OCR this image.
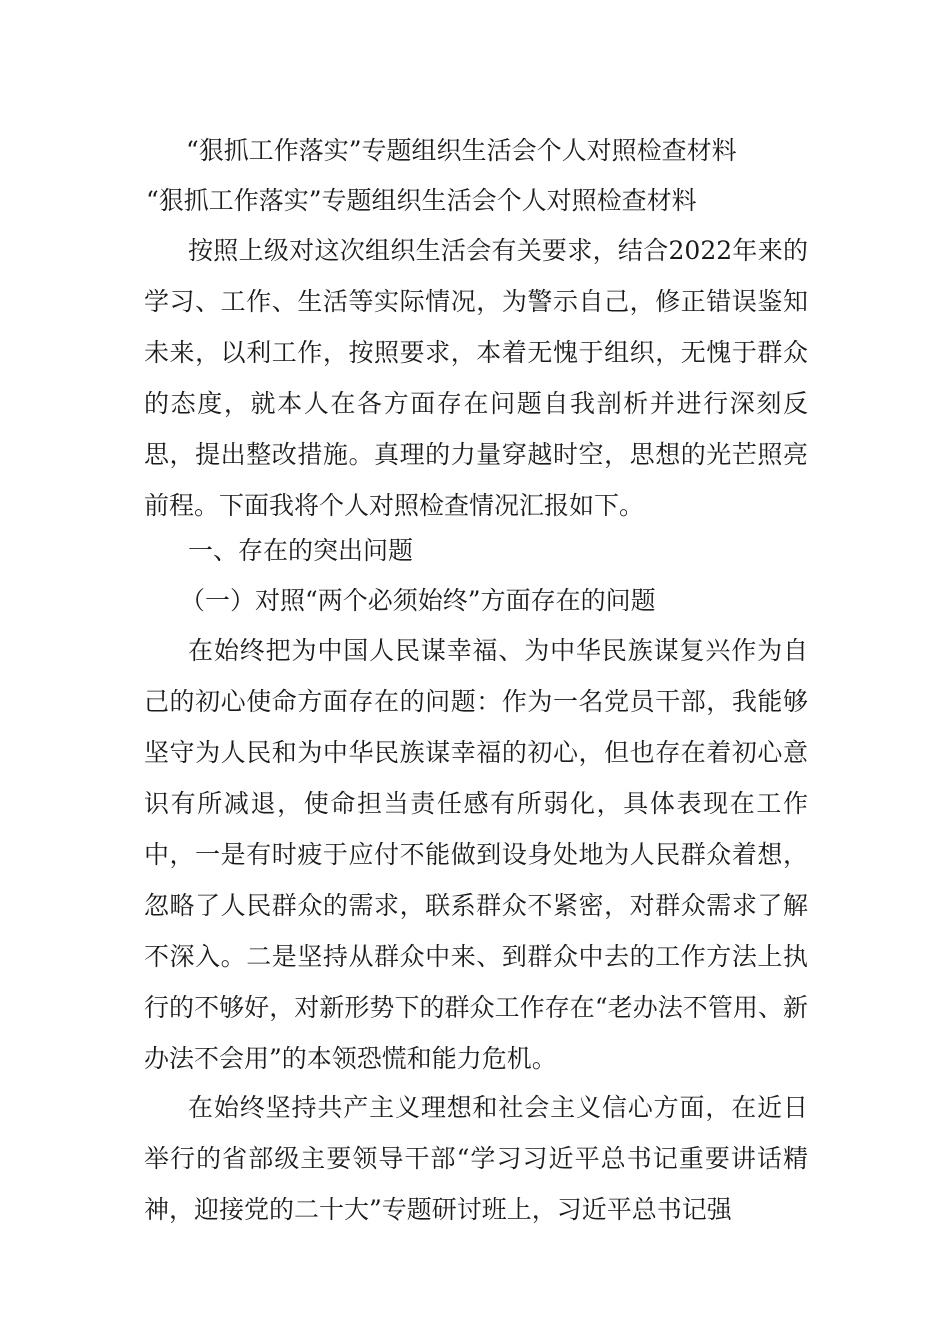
“狠抓工作落实”专题组织生活会个人对照检查材料
“狠抓工作落实”专题组织生活会个人对照检查材料

按照上级对这次组织生活会有关要求，结合2022年来的学习、工作、生活等实际情况，为警示自己，修正错误鉴知未来，以利工作，按照要求，本着无愧于组织，无愧于群众的态度，就本人在各方面存在问题自我剖析并进行深刻反思，提出整改措施。真理的力量穿越时空，思想的光芒照亮前程。下面我将个人对照检查情况汇报如下。

一、存在的突出问题

（一）对照“两个必须始终”方面存在的问题

在始终把为中国人民谋幸福、为中华民族谋复兴作为自己的初心使命方面存在的问题：作为一名党员干部，我能够坚守为人民和为中华民族谋幸福的初心，但也存在着初心意识有所减退，使命担当责任感有所弱化，具体表现在工作中，一是有时疲于应付不能做到设身处地为人民群众着想，忽略了人民群众的需求，联系群众不紧密，对群众需求了解不深入。二是坚持从群众中来、到群众中去的工作方法上执行的不够好，对新形势下的群众工作存在“老办法不管用、新办法不会用”的本领恐慌和能力危机。

在始终坚持共产主义理想和社会主义信心方面，在近日举行的省部级主要领导干部“学习习近平总书记重要讲话精神，迎接党的二十大”专题研讨班上，习近平总书记强
